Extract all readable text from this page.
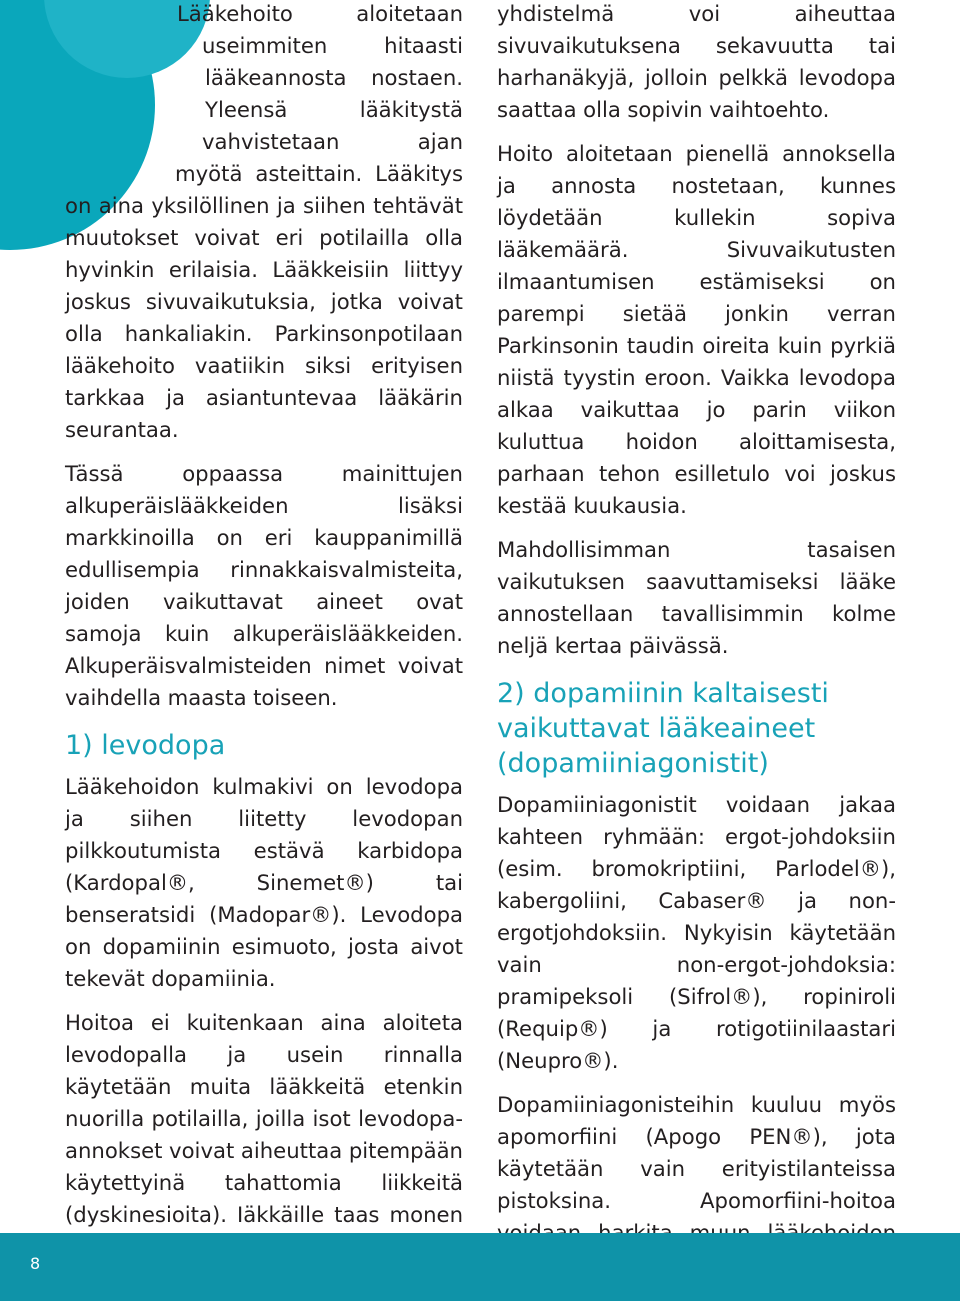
Lääkehoito aloitetaan useimmiten hitaasti lääkeannosta nostaen. Yleensä lääkitystä vahvistetaan ajan myötä asteittain. Lääkitys on aina yksilöllinen ja siihen tehtävät muutokset voivat eri potilailla olla hyvinkin erilaisia. Lääkkeisiin liittyy joskus sivuvaikutuksia, jotka voivat olla hankaliakin. Parkinsonpotilaan lääkehoito vaatiikin siksi erityisen tarkkaa ja asiantuntevaa lääkärin seurantaa.

Tässä oppaassa mainittujen alkuperäislääkkeiden lisäksi markkinoilla on eri kauppanimillä edullisempia rinnakkaisvalmisteita, joiden vaikuttavat aineet ovat samoja kuin alkuperäislääkkeiden. Alkuperäisvalmisteiden nimet voivat vaihdella maasta toiseen.

1) levodopa

Lääkehoidon kulmakivi on levodopa ja siihen liitetty levodopan pilkkoutumista estävä karbidopa (Kardopal®, Sinemet®) tai benseratsidi (Madopar®). Levodopa on dopamiinin esimuoto, josta aivot tekevät dopamiinia.

Hoitoa ei kuitenkaan aina aloiteta levodopalla ja usein rinnalla käytetään muita lääkkeitä etenkin nuorilla potilailla, joilla isot levodopa-annokset voivat aiheuttaa pitempään käytettyinä tahattomia liikkeitä (dyskinesioita). Iäkkäille taas monen

yhdistelmä voi aiheuttaa sivuvaikutuksena sekavuutta tai harhanäkyjä, jolloin pelkkä levodopa saattaa olla sopivin vaihtoehto.

Hoito aloitetaan pienellä annoksella ja annosta nostetaan, kunnes löydetään kullekin sopiva lääkemäärä. Sivuvaikutusten ilmaantumisen estämiseksi on parempi sietää jonkin verran Parkinsonin taudin oireita kuin pyrkiä niistä tyystin eroon. Vaikka levodopa alkaa vaikuttaa jo parin viikon kuluttua hoidon aloittamisesta, parhaan tehon esilletulo voi joskus kestää kuukausia.

Mahdollisimman tasaisen vaikutuksen saavuttamiseksi lääke annostellaan tavallisimmin kolme neljä kertaa päivässä.

2) dopamiinin kaltaisesti vaikuttavat lääkeaineet (dopamiiniagonistit)

Dopamiiniagonistit voidaan jakaa kahteen ryhmään: ergot-johdoksiin (esim. bromokriptiini, Parlodel®), kabergoliini, Cabaser® ja non-ergotjohdoksiin. Nykyisin käytetään vain non-ergot-johdoksia: pramipeksoli (Sifrol®), ropiniroli (Requip®) ja rotigotiinilaastari (Neupro®).

Dopamiiniagonisteihin kuuluu myös apomorfiini (Apogo PEN®), jota käytetään vain erityistilanteissa pistoksina. Apomorfiini-hoitoa

8
